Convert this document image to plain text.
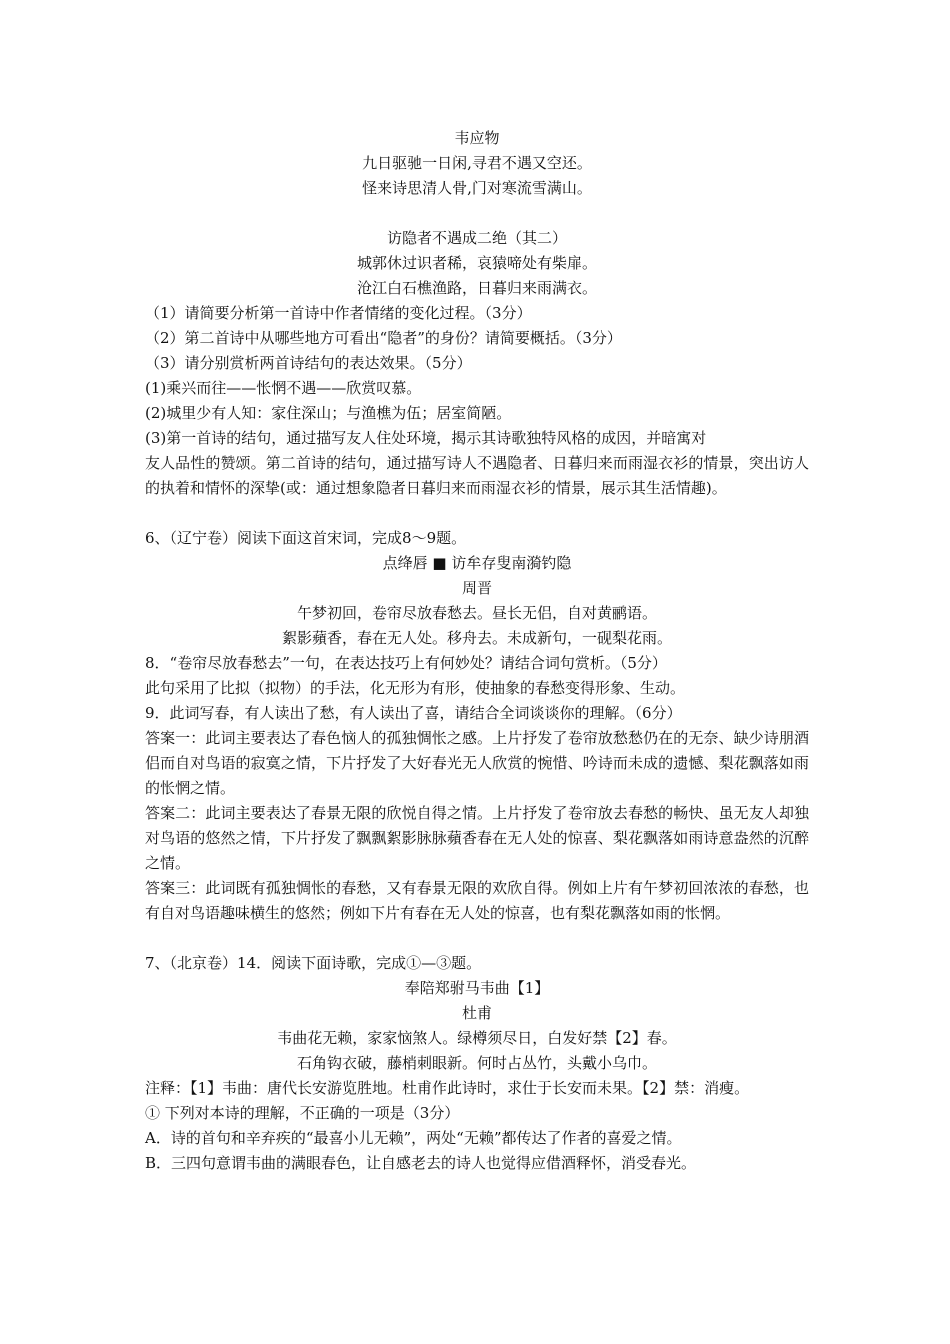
韦应物
九日驱驰一日闲,寻君不遇又空还。
怪来诗思清人骨,门对寒流雪满山。
访隐者不遇成二绝（其二）
城郭休过识者稀，哀猿啼处有柴扉。
沧江白石樵渔路，日暮归来雨满衣。
（1）请简要分析第一首诗中作者情绪的变化过程。（3分）
（2）第二首诗中从哪些地方可看出“隐者”的身份？请简要概括。（3分）
（3）请分别赏析两首诗结句的表达效果。（5分）
(1)乘兴而往——怅惘不遇——欣赏叹慕。
(2)城里少有人知：家住深山；与渔樵为伍；居室简陋。
(3)第一首诗的结句，通过描写友人住处环境，揭示其诗歌独特风格的成因，并暗寓对

友人品性的赞颂。第二首诗的结句，通过描写诗人不遇隐者、日暮归来而雨湿衣衫的情景，突出访人的执着和情怀的深挚(或：通过想象隐者日暮归来而雨湿衣衫的情景，展示其生活情趣)。

6、（辽宁卷）阅读下面这首宋词，完成8～9题。
点绛唇 ■ 访牟存叟南漪钓隐
周晋
午梦初回，卷帘尽放春愁去。昼长无侣，自对黄鹂语。
絮影蘋香，春在无人处。移舟去。未成新句，一砚梨花雨。
8．“卷帘尽放春愁去”一句，在表达技巧上有何妙处？请结合词句赏析。（5分）
此句采用了比拟（拟物）的手法，化无形为有形，使抽象的春愁变得形象、生动。
9．此词写春，有人读出了愁，有人读出了喜，请结合全词谈谈你的理解。（6分）

答案一：此词主要表达了春色恼人的孤独惆怅之感。上片抒发了卷帘放愁愁仍在的无奈、缺少诗朋酒侣而自对鸟语的寂寞之情，下片抒发了大好春光无人欣赏的惋惜、吟诗而未成的遗憾、梨花飘落如雨的怅惘之情。

答案二：此词主要表达了春景无限的欣悦自得之情。上片抒发了卷帘放去春愁的畅快、虽无友人却独对鸟语的悠然之情，下片抒发了飘飘絮影脉脉蘋香春在无人处的惊喜、梨花飘落如雨诗意盎然的沉醉之情。

答案三：此词既有孤独惆怅的春愁，又有春景无限的欢欣自得。例如上片有午梦初回浓浓的春愁，也有自对鸟语趣味横生的悠然；例如下片有春在无人处的惊喜，也有梨花飘落如雨的怅惘。

7、（北京卷）14．阅读下面诗歌，完成①—③题。
奉陪郑驸马韦曲【1】
杜甫
韦曲花无赖，家家恼煞人。绿樽须尽日，白发好禁【2】春。
石角钩衣破，藤梢刺眼新。何时占丛竹，头戴小乌巾。
注释：【1】韦曲：唐代长安游览胜地。杜甫作此诗时，求仕于长安而未果。【2】禁：消瘦。
① 下列对本诗的理解，不正确的一项是（3分）
A．诗的首句和辛弃疾的“最喜小儿无赖”，两处“无赖”都传达了作者的喜爱之情。
B．三四句意谓韦曲的满眼春色，让自感老去的诗人也觉得应借酒释怀，消受春光。
